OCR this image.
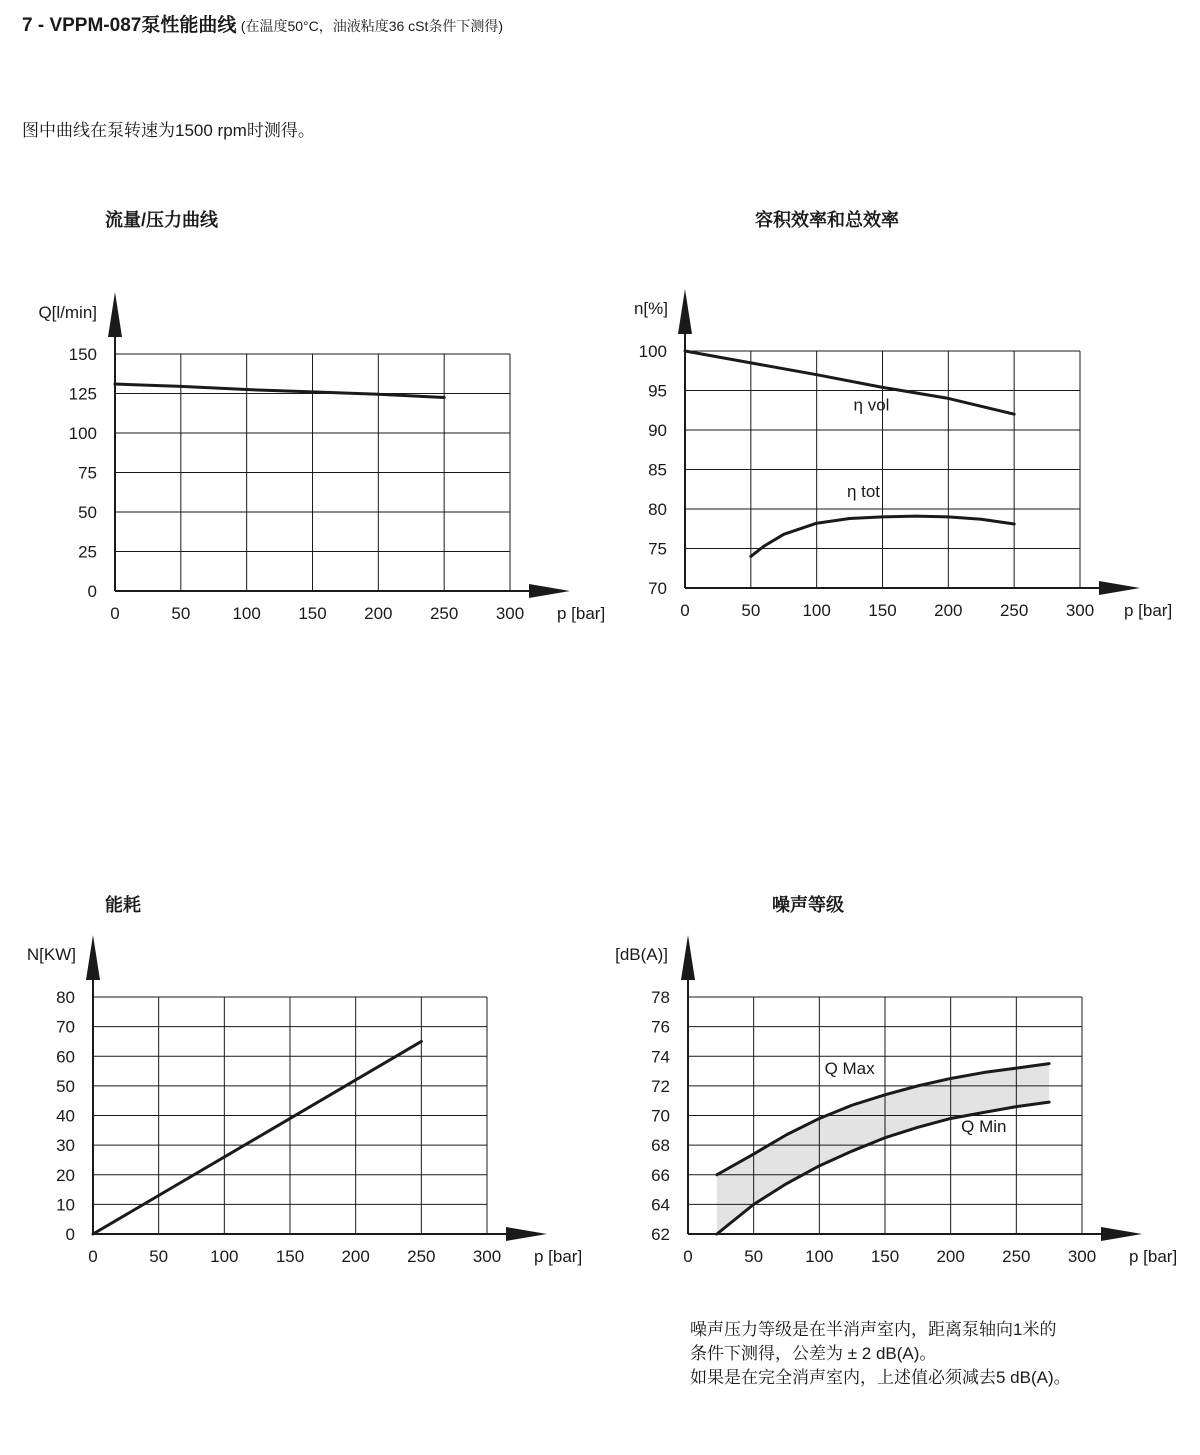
7 - VPPM-087泵性能曲线 (在温度50°C，油液粘度36 cSt条件下测得)
图中曲线在泵转速为1500 rpm时测得。
流量/压力曲线	容积效率和总效率
能耗	噪声等级
0
25
50
75
100
125
150
0	50 100 150 200 250 300
Q[l/min]
p [bar]
70
75
80
85
90
95
100
0	50 100 150 200 250 300
n[%]
p [bar]
η vol
η tot
0
10
20
30
40
50
60
70
80
0	50 100 150 200 250 300
N[KW]
p [bar]
62
64
66
68
70
72
74
76
78
0	50 100 150 200 250 300
[dB(A)]
p [bar]
Q Max
Q Min
噪声压力等级是在半消声室内，距离泵轴向1米的
条件下测得，公差为 ± 2 dB(A)。
如果是在完全消声室内，上述值必须减去5 dB(A)。
